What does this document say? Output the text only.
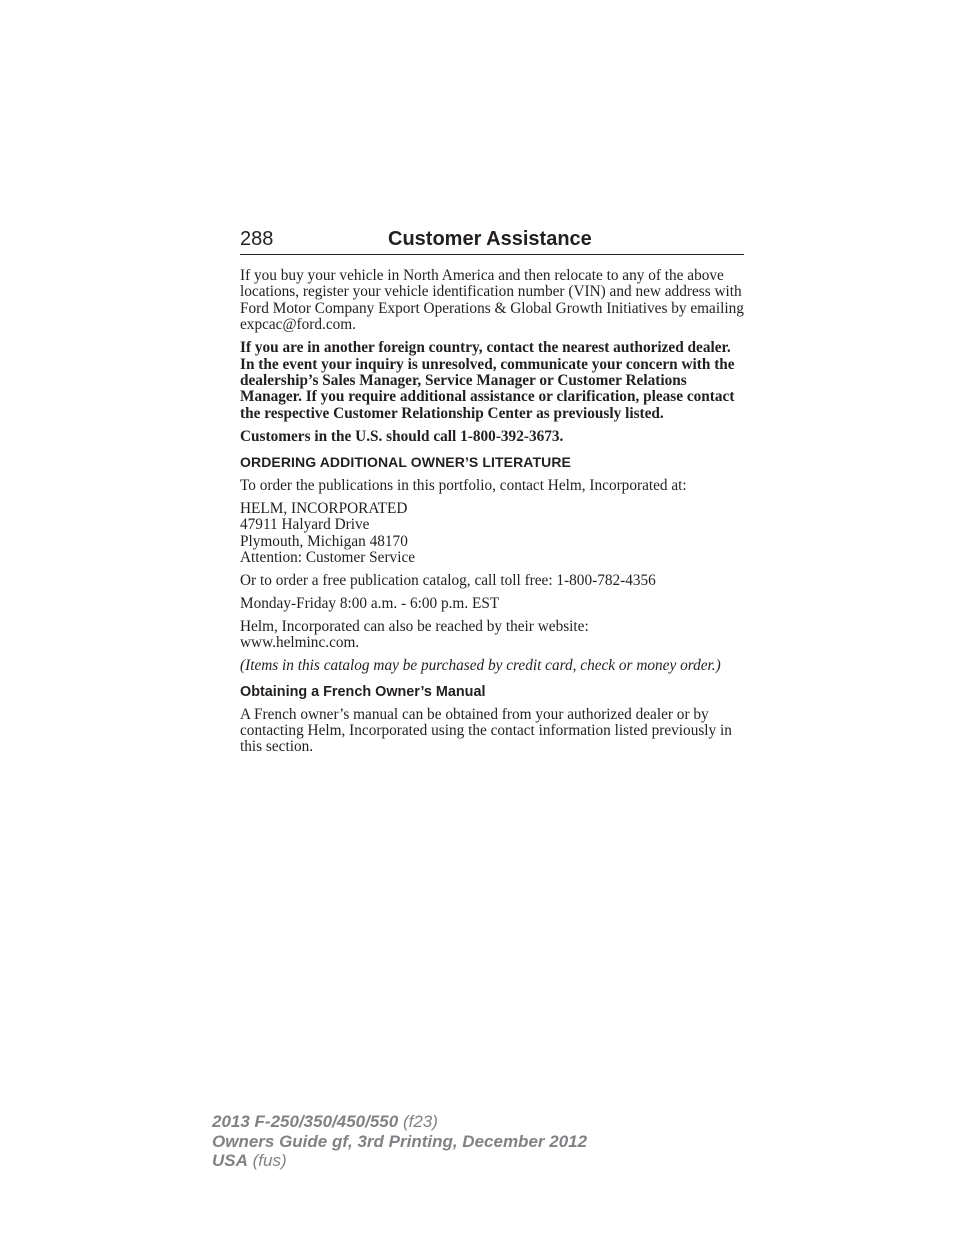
288	Customer Assistance

If you buy your vehicle in North America and then relocate to any of the above locations, register your vehicle identification number (VIN) and new address with Ford Motor Company Export Operations & Global Growth Initiatives by emailing expcac@ford.com.

If you are in another foreign country, contact the nearest authorized dealer. In the event your inquiry is unresolved, communicate your concern with the dealership’s Sales Manager, Service Manager or Customer Relations Manager. If you require additional assistance or clarification, please contact the respective Customer Relationship Center as previously listed.

Customers in the U.S. should call 1-800-392-3673.

ORDERING ADDITIONAL OWNER’S LITERATURE

To order the publications in this portfolio, contact Helm, Incorporated at:

HELM, INCORPORATED
47911 Halyard Drive
Plymouth, Michigan 48170
Attention: Customer Service

Or to order a free publication catalog, call toll free: 1-800-782-4356

Monday-Friday 8:00 a.m. - 6:00 p.m. EST

Helm, Incorporated can also be reached by their website:
www.helminc.com.

(Items in this catalog may be purchased by credit card, check or money order.)

Obtaining a French Owner’s Manual

A French owner’s manual can be obtained from your authorized dealer or by contacting Helm, Incorporated using the contact information listed previously in this section.

2013 F-250/350/450/550 (f23)
Owners Guide gf, 3rd Printing, December 2012
USA (fus)
